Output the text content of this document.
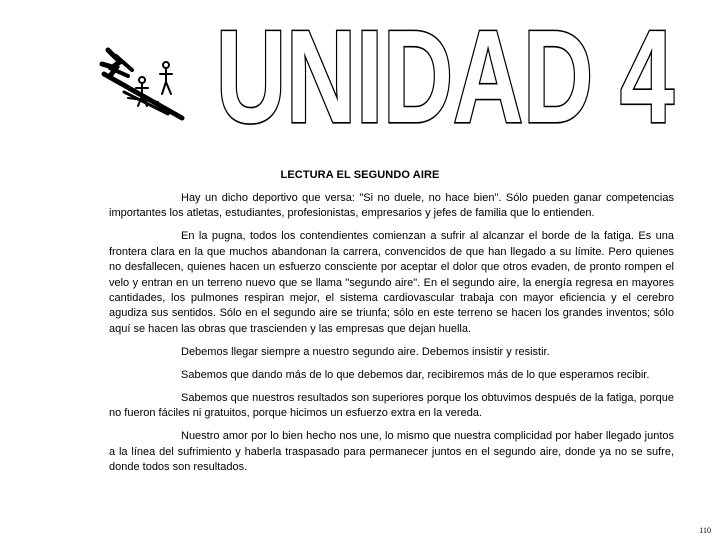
UNIDAD 4
LECTURA EL SEGUNDO AIRE

Hay un dicho deportivo que versa: "Si no duele, no hace bien". Sólo pueden ganar competencias importantes los atletas, estudiantes, profesionistas, empresarios y jefes de familia que lo entienden.

En la pugna, todos los contendientes comienzan a sufrir al alcanzar el borde de la fatiga. Es una frontera clara en la que muchos abandonan la carrera, convencidos de que han llegado a su límite. Pero quienes no desfallecen, quienes hacen un esfuerzo consciente por aceptar el dolor que otros evaden, de pronto rompen el velo y entran en un terreno nuevo que se llama "segundo aire". En el segundo aire, la energía regresa en mayores cantidades, los pulmones respiran mejor, el sistema cardiovascular trabaja con mayor eficiencia y el cerebro agudiza sus sentidos. Sólo en el segundo aire se triunfa; sólo en este terreno se hacen los grandes inventos; sólo aquí se hacen las obras que trascienden y las empresas que dejan huella.

Debemos llegar siempre a nuestro segundo aire. Debemos insistir y resistir.

Sabemos que dando más de lo que debemos dar, recibiremos más de lo que esperamos recibir.

Sabemos que nuestros resultados son superiores porque los obtuvimos después de la fatiga, porque no fueron fáciles ni gratuitos, porque hicimos un esfuerzo extra en la vereda.

Nuestro amor por lo bien hecho nos une, lo mismo que nuestra complicidad por haber llegado juntos a la línea del sufrimiento y haberla traspasado para permanecer juntos en el segundo aire, donde ya no se sufre, donde todos son resultados.

110
